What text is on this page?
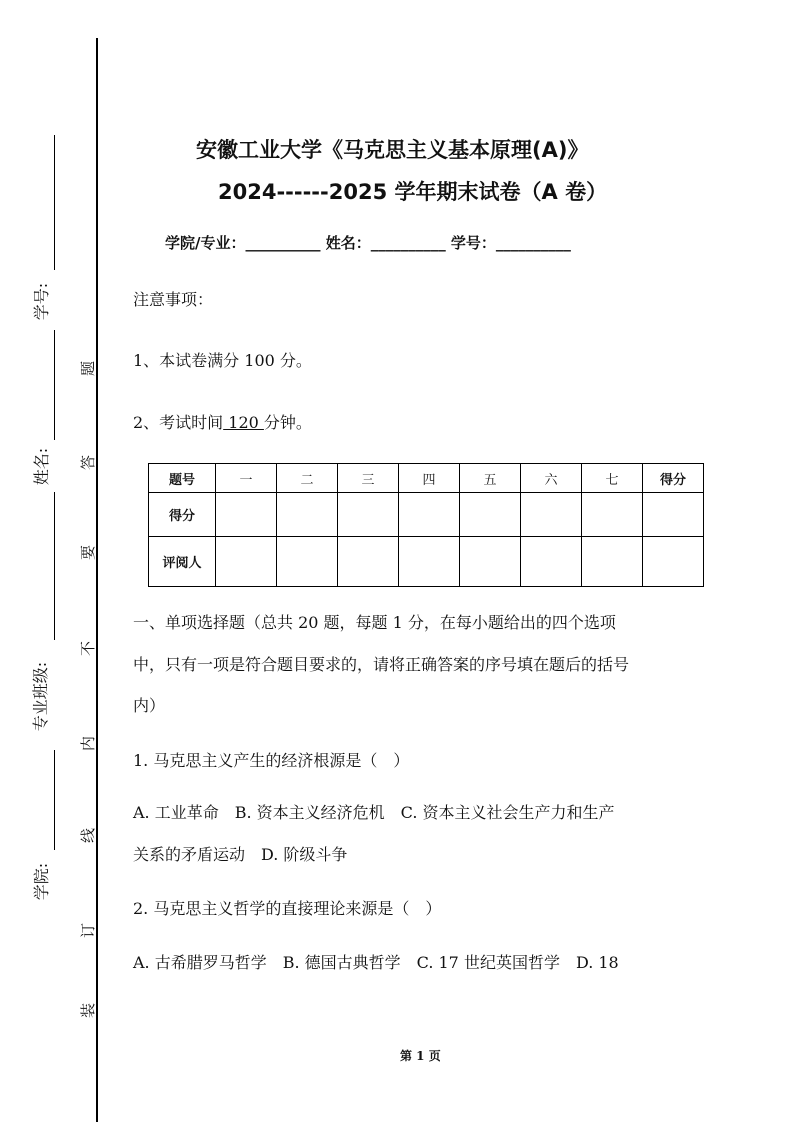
学号:
姓名:
专业班级:
学院:
题
答
要
不
内
线
订
装
安徽工业大学《马克思主义基本原理(A)》
2024------2025 学年期末试卷（A 卷）
学院/专业：__________ 姓名：__________ 学号：__________
注意事项：
1、本试卷满分 100 分。
2、考试时间 120 分钟。
题号	一	二	三	四	五	六	七	得分
得分								
评阅人								
一、单项选择题（总共 20 题，每题 1 分，在每小题给出的四个选项
中，只有一项是符合题目要求的，请将正确答案的序号填在题后的括号
内）
1. 马克思主义产生的经济根源是（　）
A. 工业革命　B. 资本主义经济危机　C. 资本主义社会生产力和生产
关系的矛盾运动　D. 阶级斗争
2. 马克思主义哲学的直接理论来源是（　）
A. 古希腊罗马哲学　B. 德国古典哲学　C. 17 世纪英国哲学　D. 18
第 1 页
